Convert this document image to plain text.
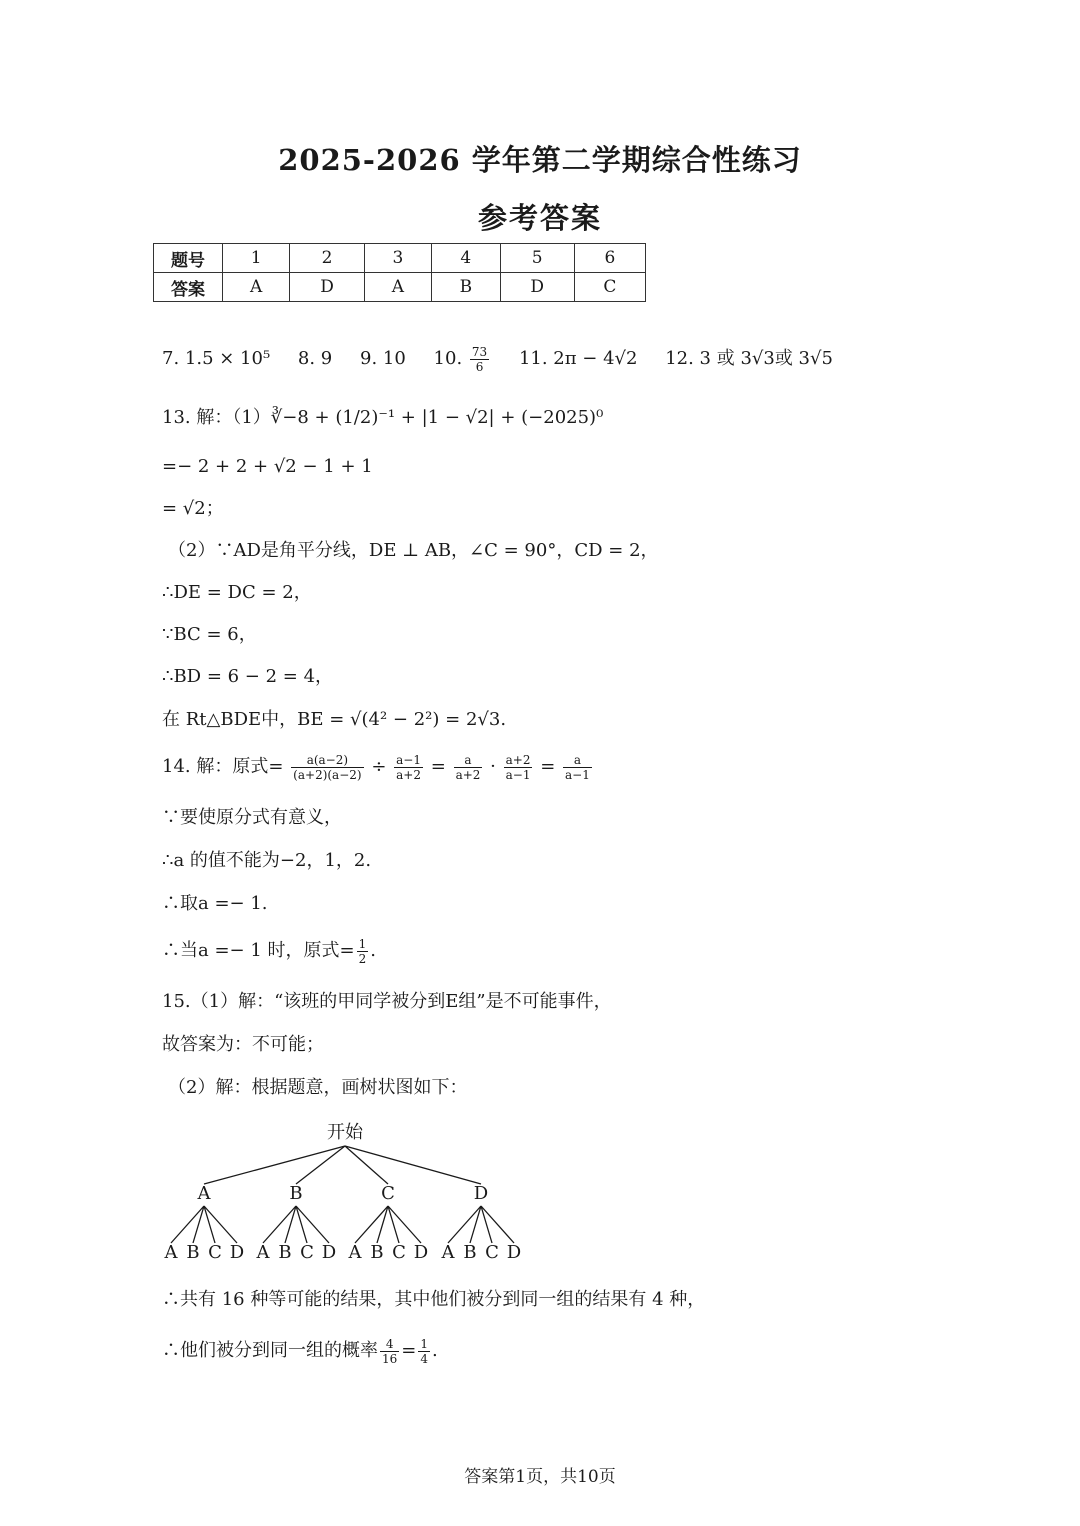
2025-2026 学年第二学期综合性练习
参考答案
题号	1	2	3	4	5	6
答案	A	D	A	B	D	C
7. 1.5 × 10⁵ 8. 9 9. 10 10. $\frac{73}{6} 11$. 2π − 4√2 12. 3 或 3√3或 3√5
13. 解：（1）∛−8 + (1/2)⁻¹ + |1 − √2| + (−2025)⁰
=− 2 + 2 + √2 − 1 + 1
= √2；
（2）∵AD是角平分线，DE ⊥ AB，∠C = 90°，CD = 2，
∴DE = DC = 2，
∵BC = 6，
∴BD = 6 − 2 = 4，
在 Rt△BDE中，BE = √(4² − 2²) = 2√3.
14. 解：原式= $\frac{a(a-2)}{(a+2)(a-2)} \div \frac{a-1}{a+2} = \frac{a}{a+2} \cdot \frac{a+2}{a-1} = \frac{a}{a-1}$
∵要使原分式有意义，
∴a 的值不能为−2，1，2.
∴取a =− 1.
∴当a =− 1 时，原式= $\frac{1}{2}$ .
15.（1）解：“该班的甲同学被分到E组”是不可能事件，
故答案为：不可能；
（2）解：根据题意，画树状图如下：
开始
A
A B C D
B
A B C D
C
A B C D
D
A B C D
∴共有 16 种等可能的结果，其中他们被分到同一组的结果有 4 种，
∴他们被分到同一组的概率 $\frac{4}{16} = \frac{1}{4}$ .
答案第1页，共10页
